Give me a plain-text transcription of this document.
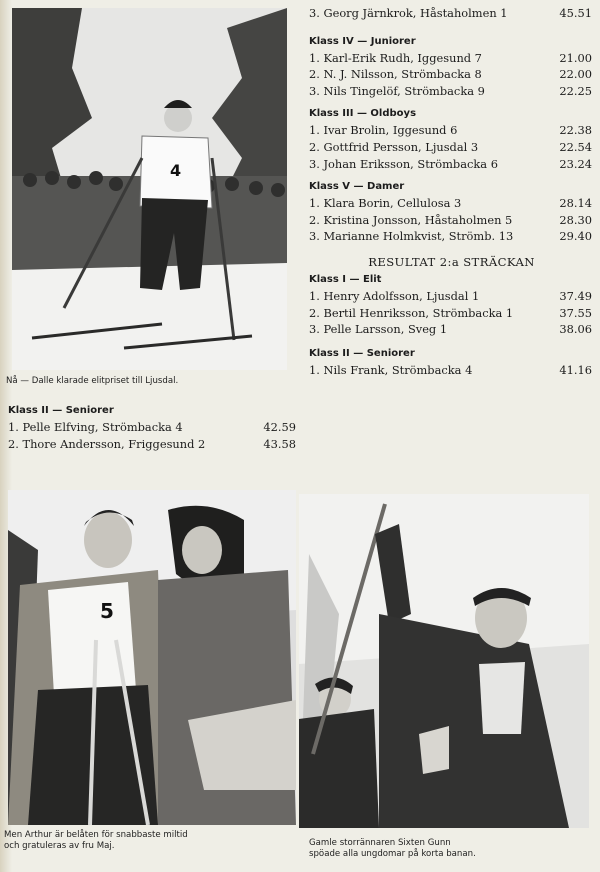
4
Nå — Dalle klarade elitpriset till Ljusdal.
3. Georg Järnkrok, Håstaholmen 1	45.51
Klass IV — Juniorer
1. Karl-Erik Rudh, Iggesund 7	21.00
2. N. J. Nilsson, Strömbacka 8	22.00
3. Nils Tingelöf, Strömbacka 9	22.25
Klass III — Oldboys
1. Ivar Brolin, Iggesund 6	22.38
2. Gottfrid Persson, Ljusdal 3	22.54
3. Johan Eriksson, Strömbacka 6	23.24
Klass V — Damer
1. Klara Borin, Cellulosa 3	28.14
2. Kristina Jonsson, Håstaholmen 5	28.30
3. Marianne Holmkvist, Strömb. 13	29.40
RESULTAT 2:a STRÄCKAN
Klass I — Elit
1. Henry Adolfsson, Ljusdal 1	37.49
2. Bertil Henriksson, Strömbacka 1	37.55
3. Pelle Larsson, Sveg 1	38.06
Klass II — Seniorer
1. Nils Frank, Strömbacka 4	41.16
Klass II — Seniorer
1. Pelle Elfving, Strömbacka 4	42.59
2. Thore Andersson, Friggesund 2	43.58
5
Men Arthur är belåten för snabbaste miltid
och gratuleras av fru Maj.	Gamle storrännaren Sixten Gunn
spöade alla ungdomar på korta banan.
